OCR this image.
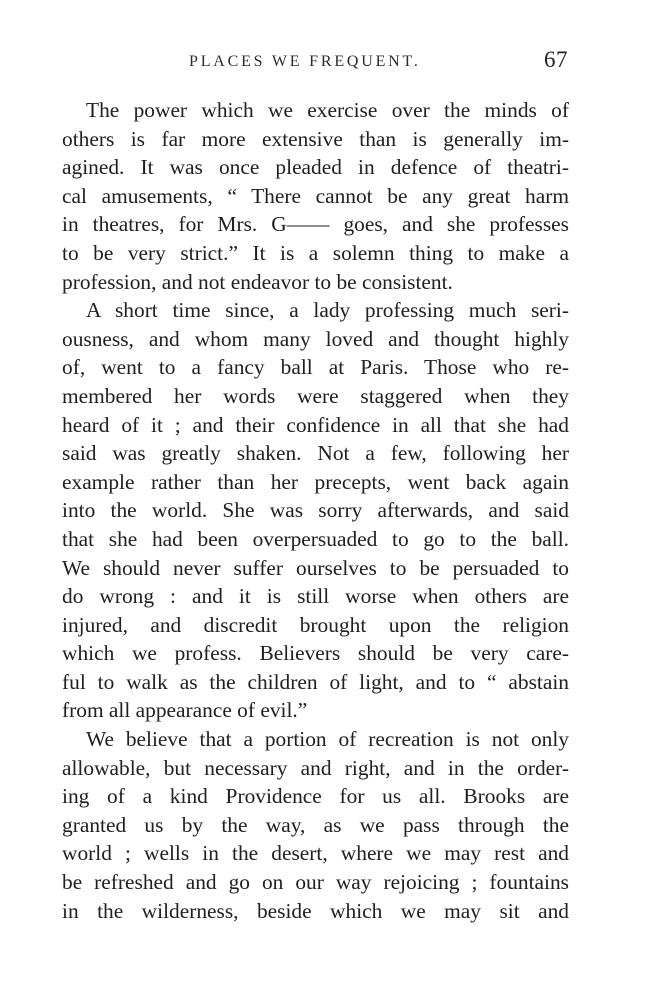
PLACES WE FREQUENT.	67
The power which we exercise over the minds of
others is far more extensive than is generally im-
agined. It was once pleaded in defence of theatri-
cal amusements, “ There cannot be any great harm
in theatres, for Mrs. G—— goes, and she professes
to be very strict.” It is a solemn thing to make a
profession, and not endeavor to be consistent.
A short time since, a lady professing much seri-
ousness, and whom many loved and thought highly
of, went to a fancy ball at Paris. Those who re-
membered her words were staggered when they
heard of it ; and their confidence in all that she had
said was greatly shaken. Not a few, following her
example rather than her precepts, went back again
into the world. She was sorry afterwards, and said
that she had been overpersuaded to go to the ball.
We should never suffer ourselves to be persuaded to
do wrong : and it is still worse when others are
injured, and discredit brought upon the religion
which we profess. Believers should be very care-
ful to walk as the children of light, and to “ abstain
from all appearance of evil.”
We believe that a portion of recreation is not only
allowable, but necessary and right, and in the order-
ing of a kind Providence for us all. Brooks are
granted us by the way, as we pass through the
world ; wells in the desert, where we may rest and
be refreshed and go on our way rejoicing ; fountains
in the wilderness, beside which we may sit and
